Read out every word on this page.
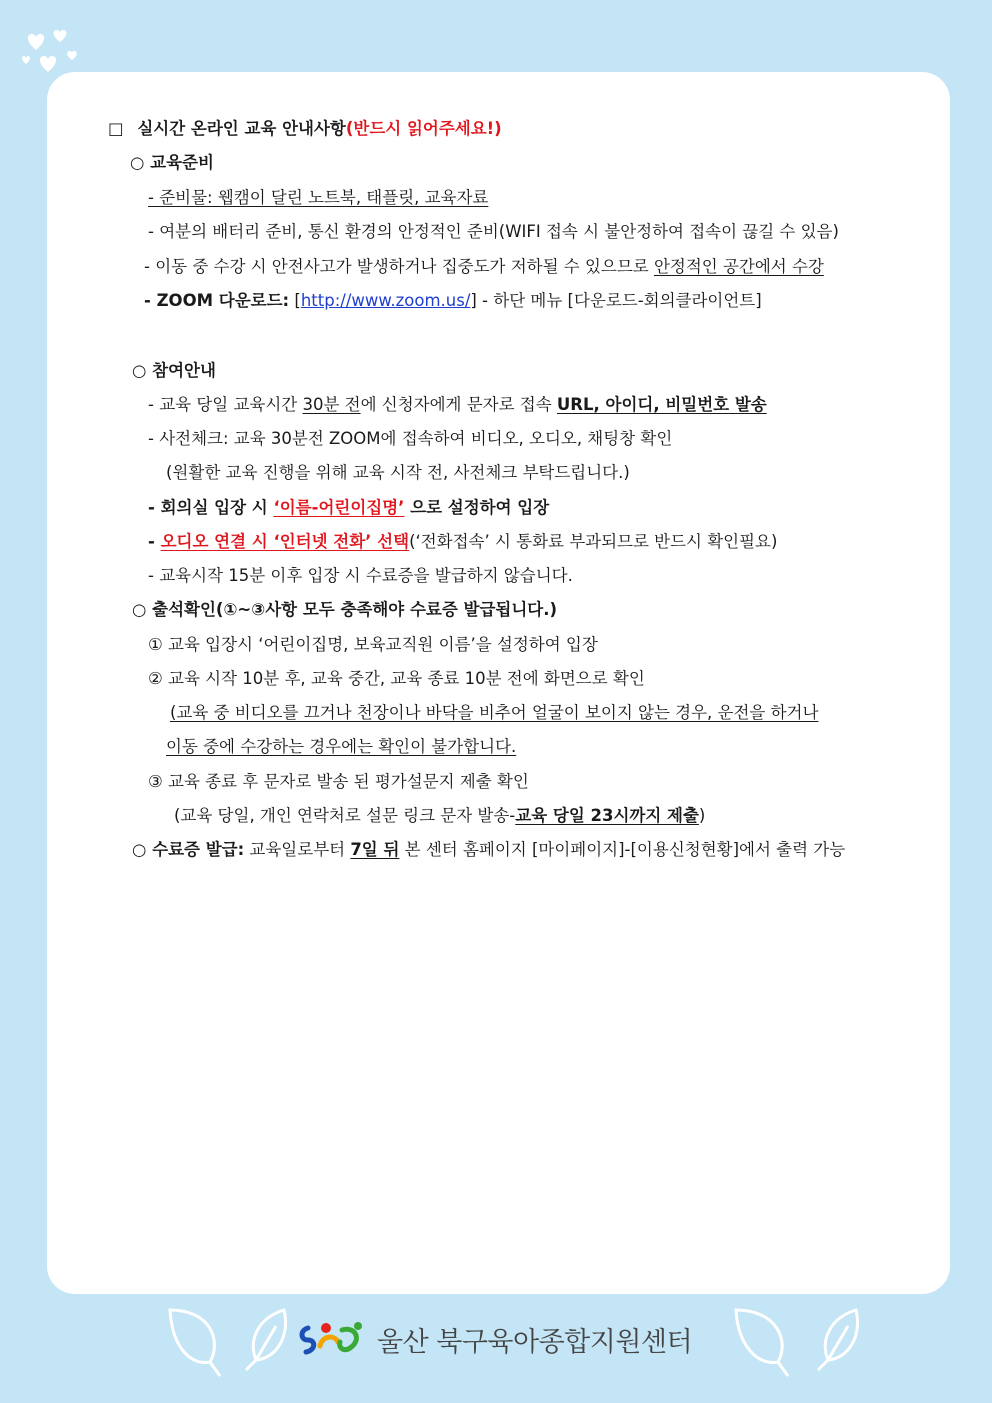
□ 실시간 온라인 교육 안내사항(반드시 읽어주세요!)
○ 교육준비
- 준비물: 웹캠이 달린 노트북, 태플릿, 교육자료
- 여분의 배터리 준비, 통신 환경의 안정적인 준비(WIFI 접속 시 불안정하여 접속이 끊길 수 있음)
- 이동 중 수강 시 안전사고가 발생하거나 집중도가 저하될 수 있으므로 안정적인 공간에서 수강
- ZOOM 다운로드: [http://www.zoom.us/] - 하단 메뉴 [다운로드-회의클라이언트]
○ 참여안내
- 교육 당일 교육시간 30분 전에 신청자에게 문자로 접속 URL, 아이디, 비밀번호 발송
- 사전체크: 교육 30분전 ZOOM에 접속하여 비디오, 오디오, 채팅창 확인
(원활한 교육 진행을 위해 교육 시작 전, 사전체크 부탁드립니다.)
- 회의실 입장 시 ‘이름-어린이집명’ 으로 설정하여 입장
- 오디오 연결 시 ‘인터넷 전화’ 선택(‘전화접속’ 시 통화료 부과되므로 반드시 확인필요)
- 교육시작 15분 이후 입장 시 수료증을 발급하지 않습니다.
○ 출석확인(①~③사항 모두 충족해야 수료증 발급됩니다.)
① 교육 입장시 ‘어린이집명, 보육교직원 이름’을 설정하여 입장
② 교육 시작 10분 후, 교육 중간, 교육 종료 10분 전에 화면으로 확인
(교육 중 비디오를 끄거나 천장이나 바닥을 비추어 얼굴이 보이지 않는 경우, 운전을 하거나
이동 중에 수강하는 경우에는 확인이 불가합니다.
③ 교육 종료 후 문자로 발송 된 평가설문지 제출 확인
(교육 당일, 개인 연락처로 설문 링크 문자 발송-교육 당일 23시까지 제출)
○ 수료증 발급: 교육일로부터 7일 뒤 본 센터 홈페이지 [마이페이지]-[이용신청현황]에서 출력 가능
울산 북구육아종합지원센터
